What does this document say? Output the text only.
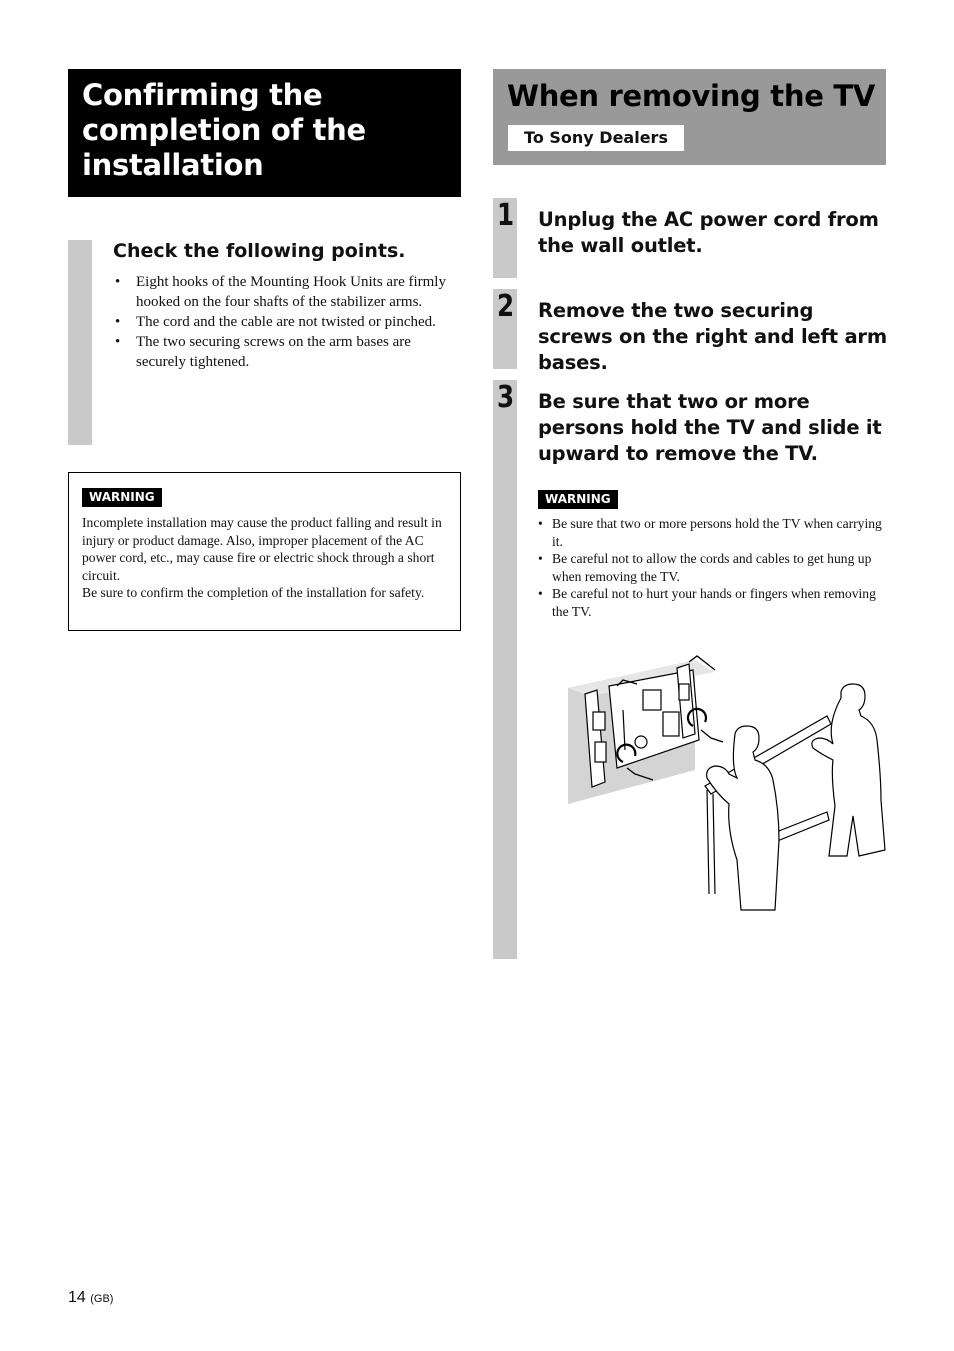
Confirming the completion of the installation
Check the following points.
• Eight hooks of the Mounting Hook Units are firmly hooked on the four shafts of the stabilizer arms.
• The cord and the cable are not twisted or pinched.
• The two securing screws on the arm bases are securely tightened.
WARNING

Incomplete installation may cause the product falling and result in injury or product damage. Also, improper placement of the AC power cord, etc., may cause fire or electric shock through a short circuit.
Be sure to confirm the completion of the installation for safety.

When removing the TV
To Sony Dealers
1 Unplug the AC power cord from the wall outlet.

2 Remove the two securing screws on the right and left arm bases.

3 Be sure that two or more persons hold the TV and slide it upward to remove the TV.

WARNING
• Be sure that two or more persons hold the TV when carrying it.
• Be careful not to allow the cords and cables to get hung up when removing the TV.
• Be careful not to hurt your hands or fingers when removing the TV.
14 (GB)
